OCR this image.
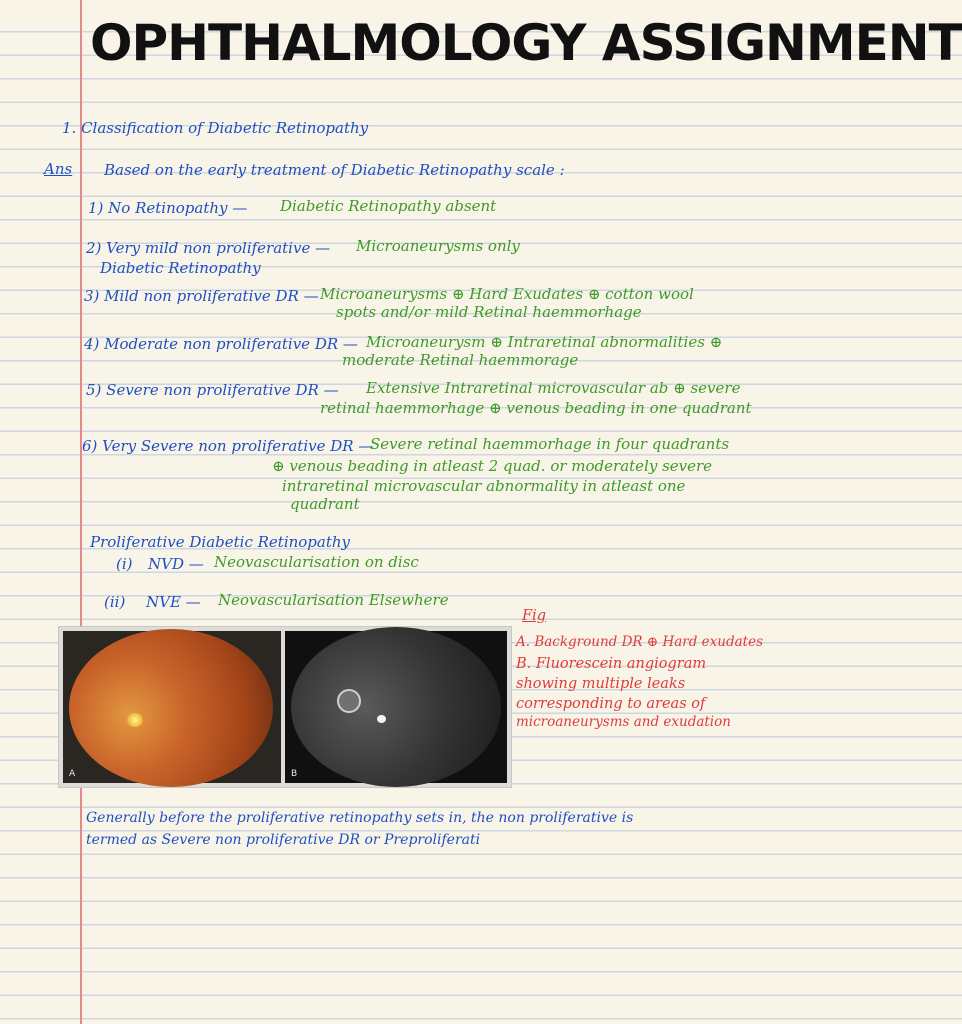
OPHTHALMOLOGY ASSIGNMENT
1. Classification of Diabetic Retinopathy
Ans Based on the early treatment of Diabetic Retinopathy scale :
1) No Retinopathy — Diabetic Retinopathy absent
2) Very mild non proliferative —
Diabetic Retinopathy
Microaneurysms only
3) Mild non proliferative DR — Microaneurysms ⊕ Hard Exudates ⊕ cotton wool
spots and/or mild Retinal haemmorhage
4) Moderate non proliferative DR — Microaneurysm ⊕ Intraretinal abnormalities ⊕
moderate Retinal haemmorage
5) Severe non proliferative DR — Extensive Intraretinal microvascular ab ⊕ severe
retinal haemmorhage ⊕ venous beading in one quadrant
6) Very Severe non proliferative DR —
Severe retinal haemmorhage in four quadrants
⊕ venous beading in atleast 2 quad. or moderately severe
intraretinal microvascular abnormality in atleast one
quadrant
Proliferative Diabetic Retinopathy
(i) NVD — Neovascularisation on disc
(ii) NVE — Neovascularisation Elsewhere
A	B
Fig
A. Background DR ⊕ Hard exudates
B. Fluorescein angiogram
showing multiple leaks
corresponding to areas of
microaneurysms and exudation
Generally before the proliferative retinopathy sets in, the non proliferative is
termed as Severe non proliferative DR or Preproliferati
